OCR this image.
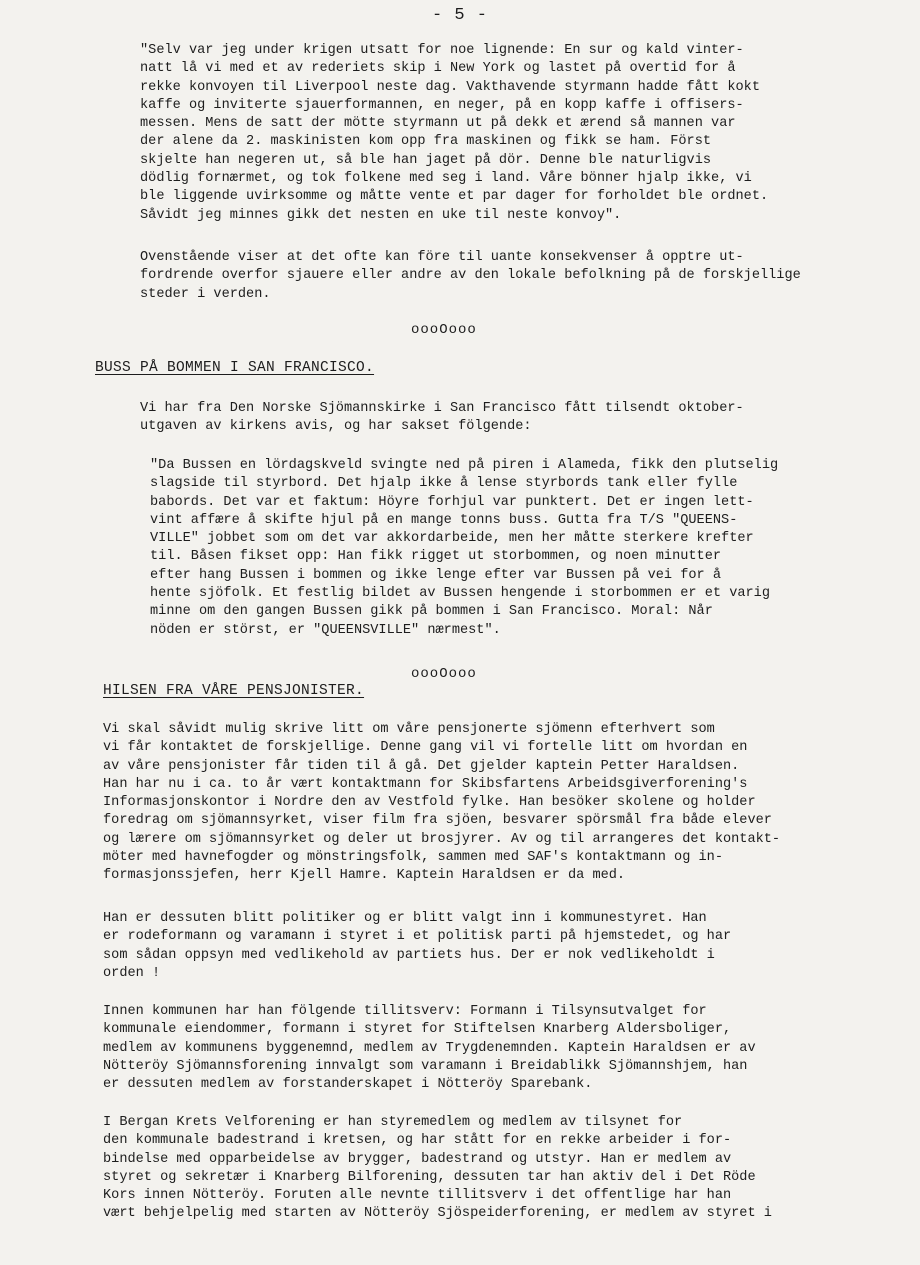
- 5 -
"Selv var jeg under krigen utsatt for noe lignende: En sur og kald vinter-
natt lå vi med et av rederiets skip i New York og lastet på overtid for å
rekke konvoyen til Liverpool neste dag. Vakthavende styrmann hadde fått kokt
kaffe og inviterte sjauerformannen, en neger, på en kopp kaffe i offisers-
messen. Mens de satt der mötte styrmann ut på dekk et ærend så mannen var
der alene da 2. maskinisten kom opp fra maskinen og fikk se ham. Först
skjelte han negeren ut, så ble han jaget på dör. Denne ble naturligvis
dödlig fornærmet, og tok folkene med seg i land. Våre bönner hjalp ikke, vi
ble liggende uvirksomme og måtte vente et par dager for forholdet ble ordnet.
Såvidt jeg minnes gikk det nesten en uke til neste konvoy".
Ovenstående viser at det ofte kan före til uante konsekvenser å opptre ut-
fordrende overfor sjauere eller andre av den lokale befolkning på de forskjellige
steder i verden.
oooOooo
BUSS PÅ BOMMEN I SAN FRANCISCO.
Vi har fra Den Norske Sjömannskirke i San Francisco fått tilsendt oktober-
utgaven av kirkens avis, og har sakset fölgende:
"Da Bussen en lördagskveld svingte ned på piren i Alameda, fikk den plutselig
slagside til styrbord. Det hjalp ikke å lense styrbords tank eller fylle
babords. Det var et faktum: Höyre forhjul var punktert. Det er ingen lett-
vint affære å skifte hjul på en mange tonns buss. Gutta fra T/S "QUEENS-
VILLE" jobbet som om det var akkordarbeide, men her måtte sterkere krefter
til. Båsen fikset opp: Han fikk rigget ut storbommen, og noen minutter
efter hang Bussen i bommen og ikke lenge efter var Bussen på vei for å
hente sjöfolk. Et festlig bildet av Bussen hengende i storbommen er et varig
minne om den gangen Bussen gikk på bommen i San Francisco. Moral: Når
nöden er störst, er "QUEENSVILLE" nærmest".
oooOooo
HILSEN FRA VÅRE PENSJONISTER.
Vi skal såvidt mulig skrive litt om våre pensjonerte sjömenn efterhvert som
vi får kontaktet de forskjellige. Denne gang vil vi fortelle litt om hvordan en
av våre pensjonister får tiden til å gå. Det gjelder kaptein Petter Haraldsen.
Han har nu i ca. to år vært kontaktmann for Skibsfartens Arbeidsgiverforening's
Informasjonskontor i Nordre den av Vestfold fylke. Han besöker skolene og holder
foredrag om sjömannsyrket, viser film fra sjöen, besvarer spörsmål fra både elever
og lærere om sjömannsyrket og deler ut brosjyrer. Av og til arrangeres det kontakt-
möter med havnefogder og mönstringsfolk, sammen med SAF's kontaktmann og in-
formasjonssjefen, herr Kjell Hamre. Kaptein Haraldsen er da med.
Han er dessuten blitt politiker og er blitt valgt inn i kommunestyret. Han
er rodeformann og varamann i styret i et politisk parti på hjemstedet, og har
som sådan oppsyn med vedlikehold av partiets hus. Der er nok vedlikeholdt i
orden !
Innen kommunen har han fölgende tillitsverv: Formann i Tilsynsutvalget for
kommunale eiendommer, formann i styret for Stiftelsen Knarberg Aldersboliger,
medlem av kommunens byggenemnd, medlem av Trygdenemnden. Kaptein Haraldsen er av
Nötteröy Sjömannsforening innvalgt som varamann i Breidablikk Sjömannshjem, han
er dessuten medlem av forstanderskapet i Nötteröy Sparebank.
I Bergan Krets Velforening er han styremedlem og medlem av tilsynet for
den kommunale badestrand i kretsen, og har stått for en rekke arbeider i for-
bindelse med opparbeidelse av brygger, badestrand og utstyr. Han er medlem av
styret og sekretær i Knarberg Bilforening, dessuten tar han aktiv del i Det Röde
Kors innen Nötteröy. Foruten alle nevnte tillitsverv i det offentlige har han
vært behjelpelig med starten av Nötteröy Sjöspeiderforening, er medlem av styret i
